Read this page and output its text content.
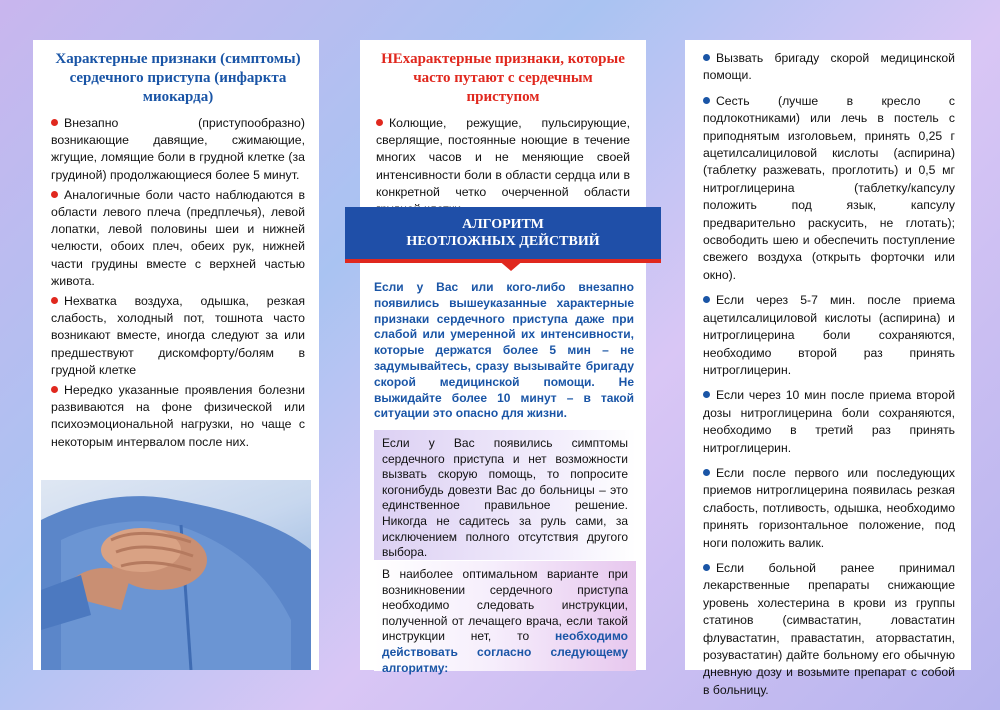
Характерные признаки (симптомы) сердечного приступа (инфаркта миокарда)
Внезапно (приступообразно) возникающие давящие, сжимающие, жгущие, ломящие боли в грудной клетке (за грудиной) продолжающиеся более 5 минут.
Аналогичные боли часто наблюдаются в области левого плеча (предплечья), левой лопатки, левой половины шеи и нижней челюсти, обоих плеч, обеих рук, нижней части грудины вместе с верхней частью живота.
Нехватка воздуха, одышка, резкая слабость, холодный пот, тошнота часто возникают вместе, иногда следуют за или предшествуют дискомфорту/болям в грудной клетке
Нередко указанные проявления болезни развиваются на фоне физической или психоэмоциональной нагрузки, но чаще с некоторым интервалом после них.
НЕхарактерные признаки, которые часто путают с сердечным приступом
Колющие, режущие, пульсирующие, сверлящие, постоянные ноющие в течение многих часов и не меняющие своей интенсивности боли в области сердца или в конкретной четко очерченной области
АЛГОРИТМ
НЕОТЛОЖНЫХ ДЕЙСТВИЙ
Если у Вас или кого-либо внезапно появились вышеуказанные характерные признаки сердечного приступа даже при слабой или умеренной их интенсивности, которые держатся более 5 мин – не задумывайтесь, сразу вызывайте бригаду скорой медицинской помощи. Не выжидайте более 10 минут – в такой ситуации это опасно для жизни.
Если у Вас появились симптомы сердечного приступа и нет возможности вызвать скорую помощь, то попросите когонибудь довезти Вас до больницы – это единственное правильное решение. Никогда не садитесь за руль сами, за исключением полного отсутствия другого выбора.
В наиболее оптимальном варианте при возникновении сердечного приступа необходимо следовать инструкции, полученной от лечащего врача, если такой инструкции нет, то необходимо действовать согласно следующему алгоритму:
Вызвать бригаду скорой медицинской помощи.
Сесть (лучше в кресло с подлокотниками) или лечь в постель с приподнятым изголовьем, принять 0,25 г ацетилсалициловой кислоты (аспирина) (таблетку разжевать, проглотить) и 0,5 мг нитроглицерина (таблетку/капсулу положить под язык, капсулу предварительно раскусить, не глотать); освободить шею и обеспечить поступление свежего воздуха (открыть форточки или окно).
Если через 5-7 мин. после приема ацетилсалициловой кислоты (аспирина) и нитроглицерина боли сохраняются, необходимо второй раз принять нитроглицерин.
Если через 10 мин после приема второй дозы нитроглицерина боли сохраняются, необходимо в третий раз принять нитроглицерин.
Если после первого или последующих приемов нитроглицерина появилась резкая слабость, потливость, одышка, необходимо принять горизонтальное положение, под ноги положить валик.
Если больной ранее принимал лекарственные препараты снижающие уровень холестерина в крови из группы статинов (симвастатин, ловастатин флувастатин, правастатин, аторвастатин, розувастатин) дайте больному его обычную дневную дозу и возьмите препарат с собой в больницу.
